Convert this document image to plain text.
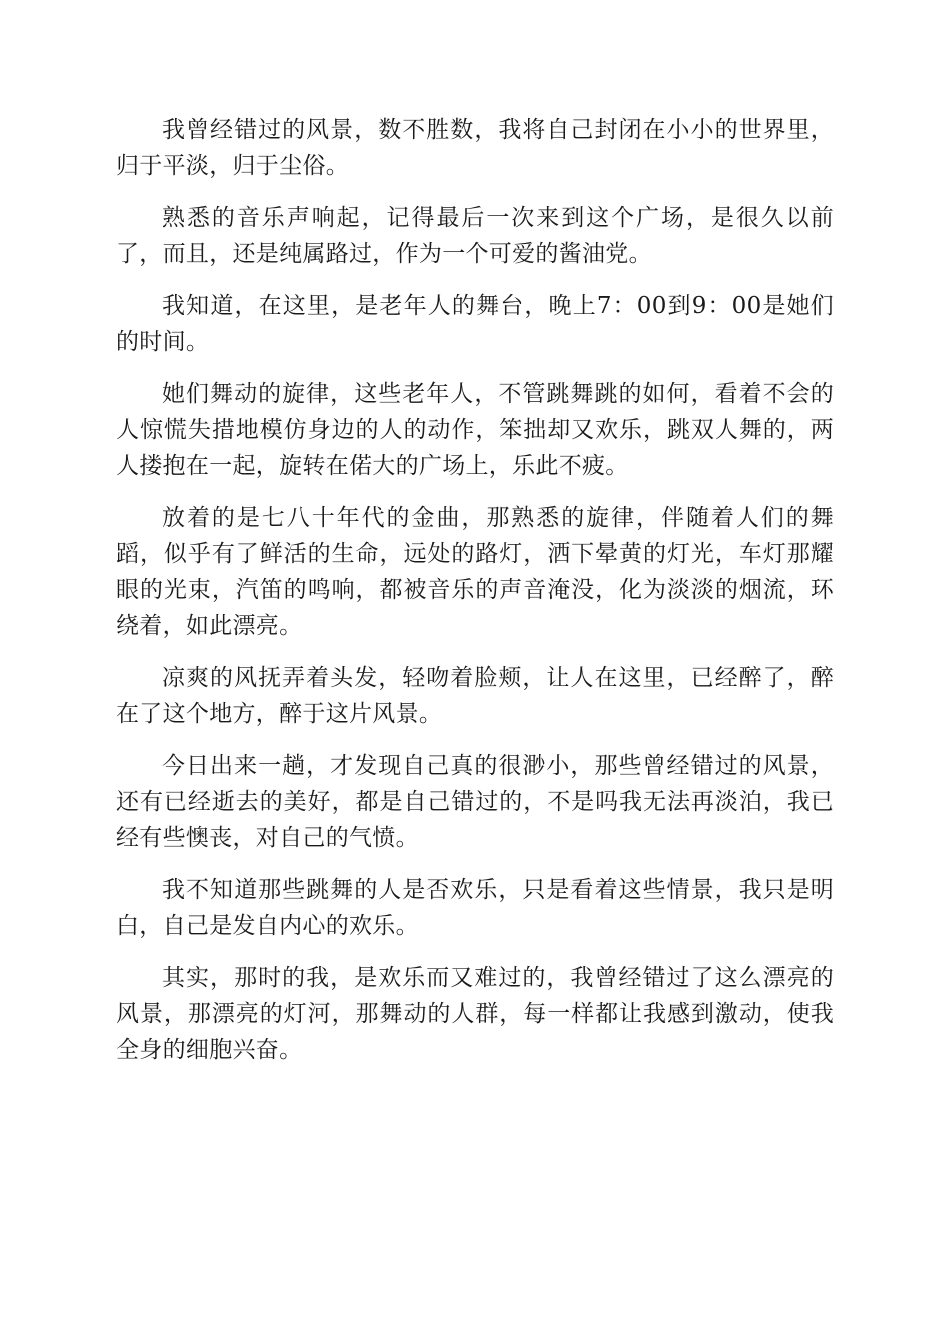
我曾经错过的风景，数不胜数，我将自己封闭在小小的世界里，归于平淡，归于尘俗。

熟悉的音乐声响起，记得最后一次来到这个广场，是很久以前了，而且，还是纯属路过，作为一个可爱的酱油党。

我知道，在这里，是老年人的舞台，晚上7：00到9：00是她们的时间。

她们舞动的旋律，这些老年人，不管跳舞跳的如何，看着不会的人惊慌失措地模仿身边的人的动作，笨拙却又欢乐，跳双人舞的，两人搂抱在一起，旋转在偌大的广场上，乐此不疲。

放着的是七八十年代的金曲，那熟悉的旋律，伴随着人们的舞蹈，似乎有了鲜活的生命，远处的路灯，洒下晕黄的灯光，车灯那耀眼的光束，汽笛的鸣响，都被音乐的声音淹没，化为淡淡的烟流，环绕着，如此漂亮。

凉爽的风抚弄着头发，轻吻着脸颊，让人在这里，已经醉了，醉在了这个地方，醉于这片风景。

今日出来一趟，才发现自己真的很渺小，那些曾经错过的风景，还有已经逝去的美好，都是自己错过的，不是吗我无法再淡泊，我已经有些懊丧，对自己的气愤。

我不知道那些跳舞的人是否欢乐，只是看着这些情景，我只是明白，自己是发自内心的欢乐。

其实，那时的我，是欢乐而又难过的，我曾经错过了这么漂亮的风景，那漂亮的灯河，那舞动的人群，每一样都让我感到激动，使我全身的细胞兴奋。
